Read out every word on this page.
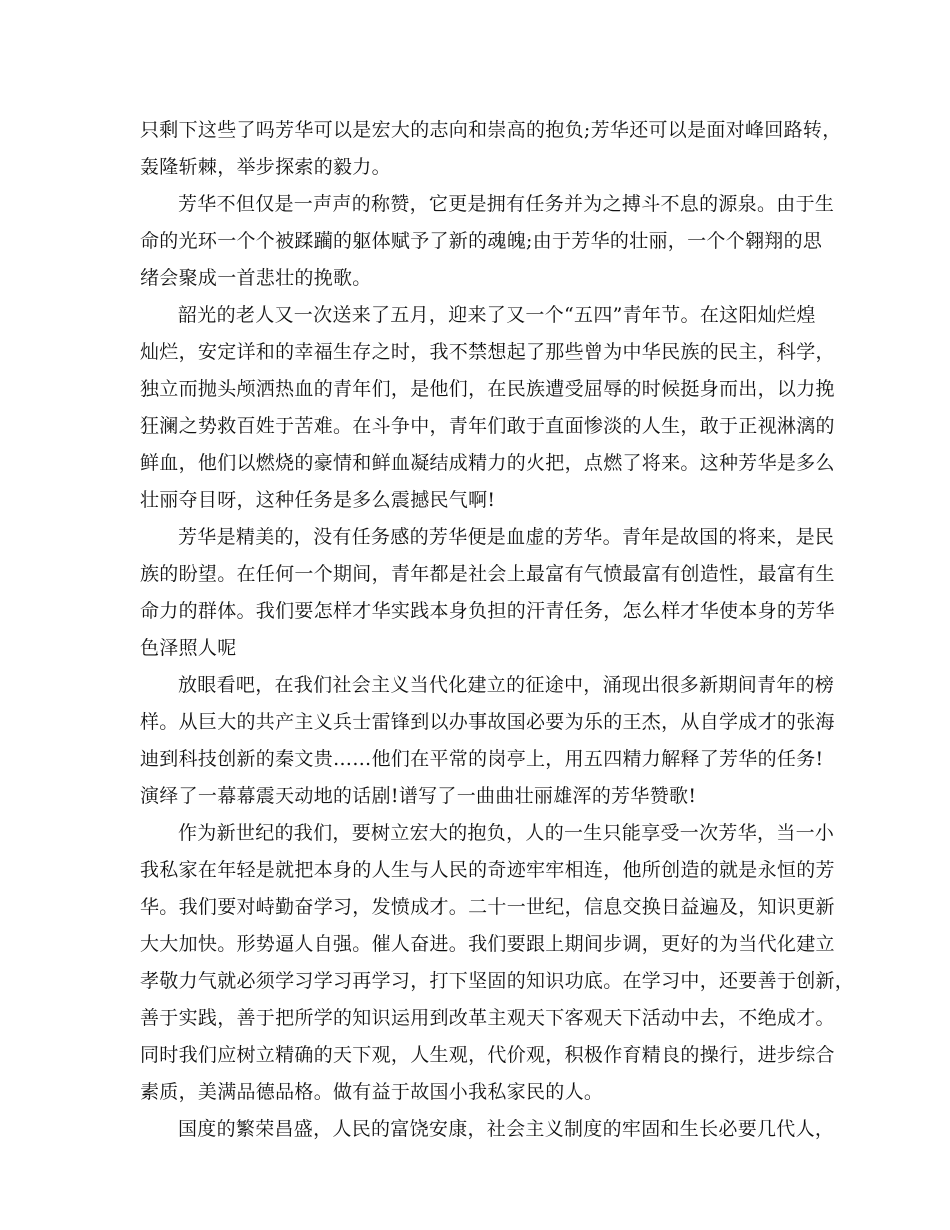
只剩下这些了吗芳华可以是宏大的志向和崇高的抱负;芳华还可以是面对峰回路转，
轰隆斩棘，举步探索的毅力。
芳华不但仅是一声声的称赞，它更是拥有任务并为之搏斗不息的源泉。由于生
命的光环一个个被蹂躏的躯体赋予了新的魂魄;由于芳华的壮丽，一个个翱翔的思
绪会聚成一首悲壮的挽歌。
韶光的老人又一次送来了五月，迎来了又一个“五四”青年节。在这阳灿烂煌
灿烂，安定详和的幸福生存之时，我不禁想起了那些曾为中华民族的民主，科学，
独立而抛头颅洒热血的青年们，是他们，在民族遭受屈辱的时候挺身而出，以力挽
狂澜之势救百姓于苦难。在斗争中，青年们敢于直面惨淡的人生，敢于正视淋漓的
鲜血，他们以燃烧的豪情和鲜血凝结成精力的火把，点燃了将来。这种芳华是多么
壮丽夺目呀，这种任务是多么震撼民气啊!
芳华是精美的，没有任务感的芳华便是血虚的芳华。青年是故国的将来，是民
族的盼望。在任何一个期间，青年都是社会上最富有气愤最富有创造性，最富有生
命力的群体。我们要怎样才华实践本身负担的汗青任务，怎么样才华使本身的芳华
色泽照人呢
放眼看吧，在我们社会主义当代化建立的征途中，涌现出很多新期间青年的榜
样。从巨大的共产主义兵士雷锋到以办事故国必要为乐的王杰，从自学成才的张海
迪到科技创新的秦文贵……他们在平常的岗亭上，用五四精力解释了芳华的任务!
演绎了一幕幕震天动地的话剧!谱写了一曲曲壮丽雄浑的芳华赞歌!
作为新世纪的我们，要树立宏大的抱负，人的一生只能享受一次芳华，当一小
我私家在年轻是就把本身的人生与人民的奇迹牢牢相连，他所创造的就是永恒的芳
华。我们要对峙勤奋学习，发愤成才。二十一世纪，信息交换日益遍及，知识更新
大大加快。形势逼人自强。催人奋进。我们要跟上期间步调，更好的为当代化建立
孝敬力气就必须学习学习再学习，打下坚固的知识功底。在学习中，还要善于创新，
善于实践，善于把所学的知识运用到改革主观天下客观天下活动中去，不绝成才。
同时我们应树立精确的天下观，人生观，代价观，积极作育精良的操行，进步综合
素质，美满品德品格。做有益于故国小我私家民的人。
国度的繁荣昌盛，人民的富饶安康，社会主义制度的牢固和生长必要几代人，
